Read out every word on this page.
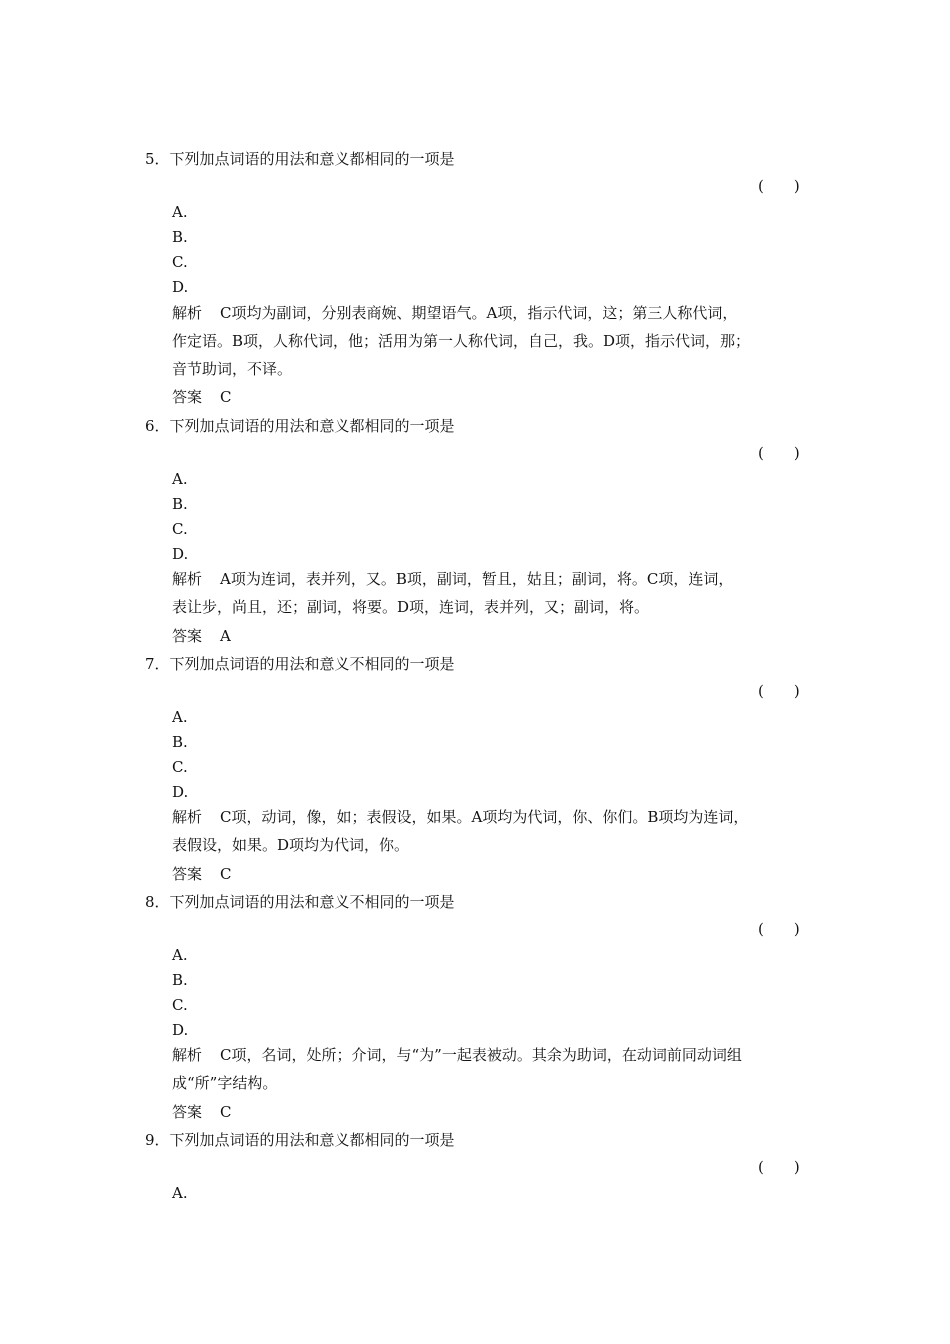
5．下列加点词语的用法和意义都相同的一项是
(　　)
A.
B.
C.
D.

解析 C项均为副词，分别表商婉、期望语气。A项，指示代词，这；第三人称代词，

作定语。B项，人称代词，他；活用为第一人称代词，自己，我。D项，指示代词，那；

音节助词，不译。

答案 C
6．下列加点词语的用法和意义都相同的一项是
(　　)
A.
B.
C.
D.

解析 A项为连词，表并列，又。B项，副词，暂且，姑且；副词，将。C项，连词，

表让步，尚且，还；副词，将要。D项，连词，表并列，又；副词，将。

答案 A
7．下列加点词语的用法和意义不相同的一项是
(　　)
A.
B.
C.
D.

解析 C项，动词，像，如；表假设，如果。A项均为代词，你、你们。B项均为连词，

表假设，如果。D项均为代词，你。

答案 C
8．下列加点词语的用法和意义不相同的一项是
(　　)
A.
B.
C.
D.

解析 C项，名词，处所；介词，与“为”一起表被动。其余为助词，在动词前同动词组

成“所”字结构。

答案 C
9．下列加点词语的用法和意义都相同的一项是
(　　)
A.
